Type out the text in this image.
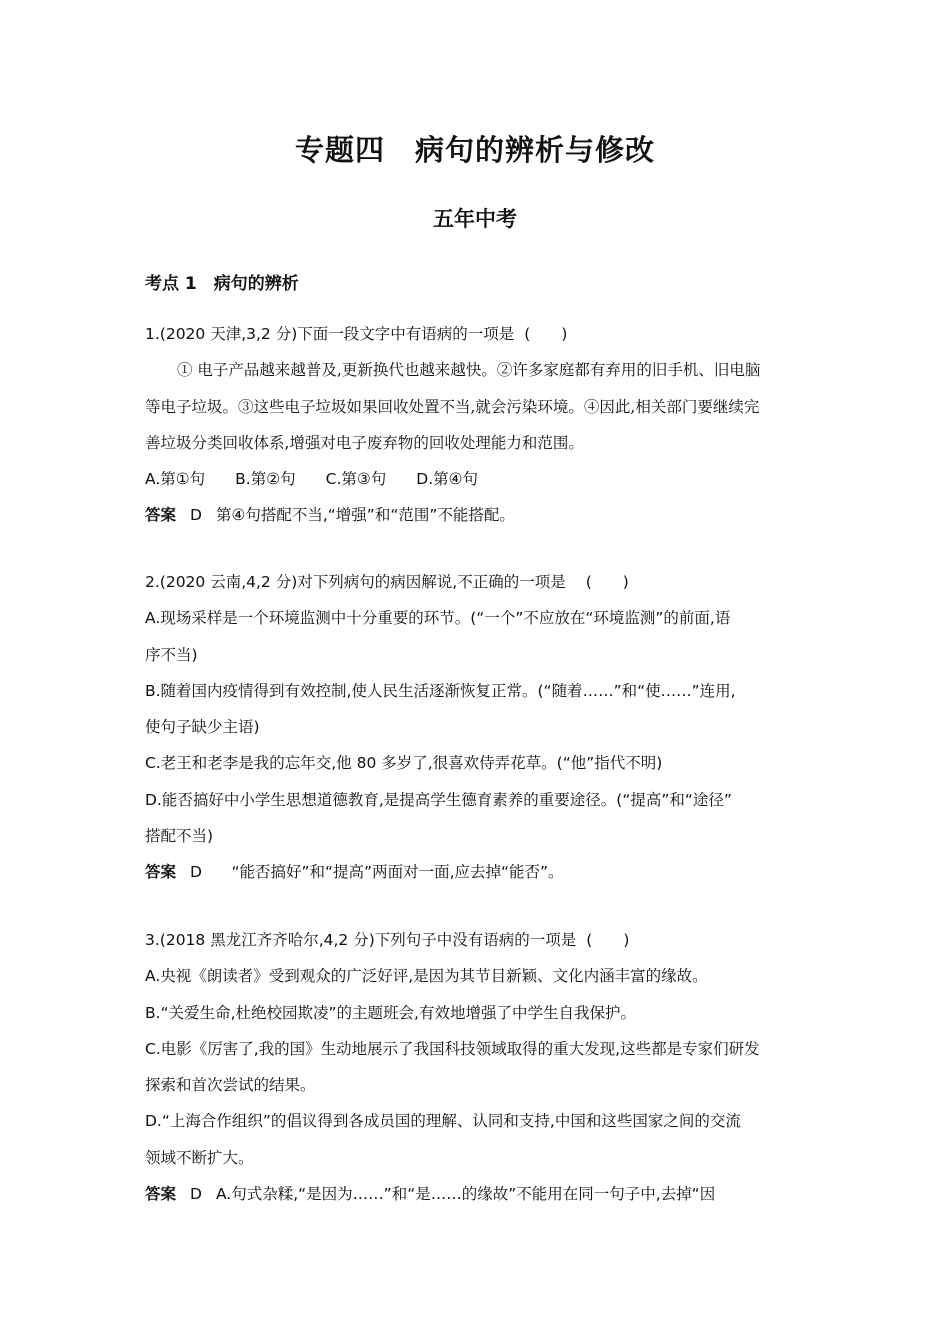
专题四　病句的辨析与修改
五年中考
考点 1　病句的辨析
1.(2020 天津,3,2 分)下面一段文字中有语病的一项是 (　　)
① 电子产品越来越普及,更新换代也越来越快。②许多家庭都有弃用的旧手机、旧电脑
等电子垃圾。③这些电子垃圾如果回收处置不当,就会污染环境。④因此,相关部门要继续完
善垃圾分类回收体系,增强对电子废弃物的回收处理能力和范围。
A.第①句 B.第②句 C.第③句 D.第④句
答案 D 第④句搭配不当,“增强”和“范围”不能搭配。
2.(2020 云南,4,2 分)对下列病句的病因解说,不正确的一项是 (　　)
A.现场采样是一个环境监测中十分重要的环节。(“一个”不应放在“环境监测”的前面,语
序不当)
B.随着国内疫情得到有效控制,使人民生活逐渐恢复正常。(“随着……”和“使……”连用,
使句子缺少主语)
C.老王和老李是我的忘年交,他 80 多岁了,很喜欢侍弄花草。(“他”指代不明)
D.能否搞好中小学生思想道德教育,是提高学生德育素养的重要途径。(“提高”和“途径”
搭配不当)
答案 D　“能否搞好”和“提高”两面对一面,应去掉“能否”。
3.(2018 黑龙江齐齐哈尔,4,2 分)下列句子中没有语病的一项是 (　　)
A.央视《朗读者》受到观众的广泛好评,是因为其节目新颖、文化内涵丰富的缘故。
B.“关爱生命,杜绝校园欺凌”的主题班会,有效地增强了中学生自我保护。
C.电影《厉害了,我的国》生动地展示了我国科技领域取得的重大发现,这些都是专家们研发
探索和首次尝试的结果。
D.“上海合作组织”的倡议得到各成员国的理解、认同和支持,中国和这些国家之间的交流
领域不断扩大。
答案 D A.句式杂糅,“是因为……”和“是……的缘故”不能用在同一句子中,去掉“因
